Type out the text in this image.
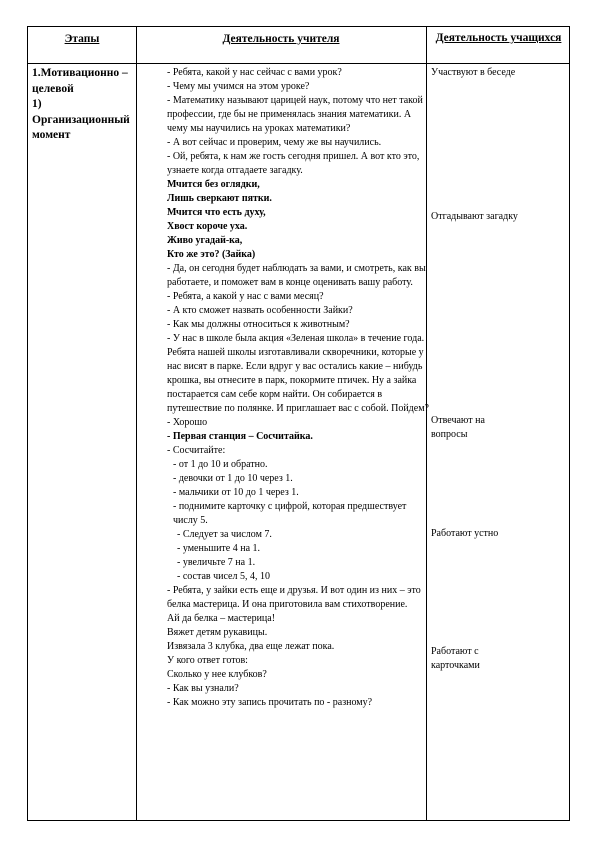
Этапы	Деятельность учителя	Деятельность учащихся
1.Мотивационно –
целевой
1)
Организационный
момент
- Ребята, какой у нас сейчас с вами урок?
- Чему мы учимся на этом уроке?
- Математику называют царицей наук, потому что нет такой профессии, где бы не применялась знания математики. А чему мы научились на уроках математики?
- А вот сейчас и проверим, чему же вы научились.
- Ой, ребята, к нам же гость сегодня пришел. А вот кто это, узнаете когда отгадаете загадку.
Мчится без оглядки,
Лишь сверкают пятки.
Мчится что есть духу,
Хвост короче уха.
Живо угадай-ка,
Кто же это? (Зайка)
- Да, он сегодня будет наблюдать за вами, и смотреть, как вы работаете, и поможет вам в конце оценивать вашу работу.
- Ребята, а какой у нас с вами месяц?
- А кто сможет назвать особенности Зайки?
- Как мы должны относиться к животным?
- У нас в школе была акция «Зеленая школа» в течение года. Ребята нашей школы изготавливали скворечники, которые у нас висят в парке. Если вдруг у вас остались какие – нибудь крошка, вы отнесите в парк, покормите птичек. Ну а зайка постарается сам себе корм найти. Он собирается в путешествие по полянке. И приглашает вас с собой. Пойдем?
- Хорошо
- Первая станция – Сосчитайка.
- Сосчитайте:
- от 1 до 10 и обратно.
- девочки от 1 до 10 через 1.
- мальчики от 10 до 1 через 1.
- поднимите карточку с цифрой, которая предшествует числу 5.
- Следует за числом 7.
- уменьшите 4 на 1.
- увеличьте 7 на 1.
- состав чисел 5, 4, 10
- Ребята, у зайки есть еще и друзья. И вот один из них – это белка мастерица. И она приготовила вам стихотворение.
Ай да белка – мастерица!
Вяжет детям рукавицы.
Извязала 3 клубка, два еще лежат пока.
У кого ответ готов:
Сколько у нее клубков?
- Как вы узнали?
- Как можно эту запись прочитать по - разному?
Участвуют в беседе
Отгадывают загадку
Отвечают на вопросы
Работают устно
Работают с карточками
